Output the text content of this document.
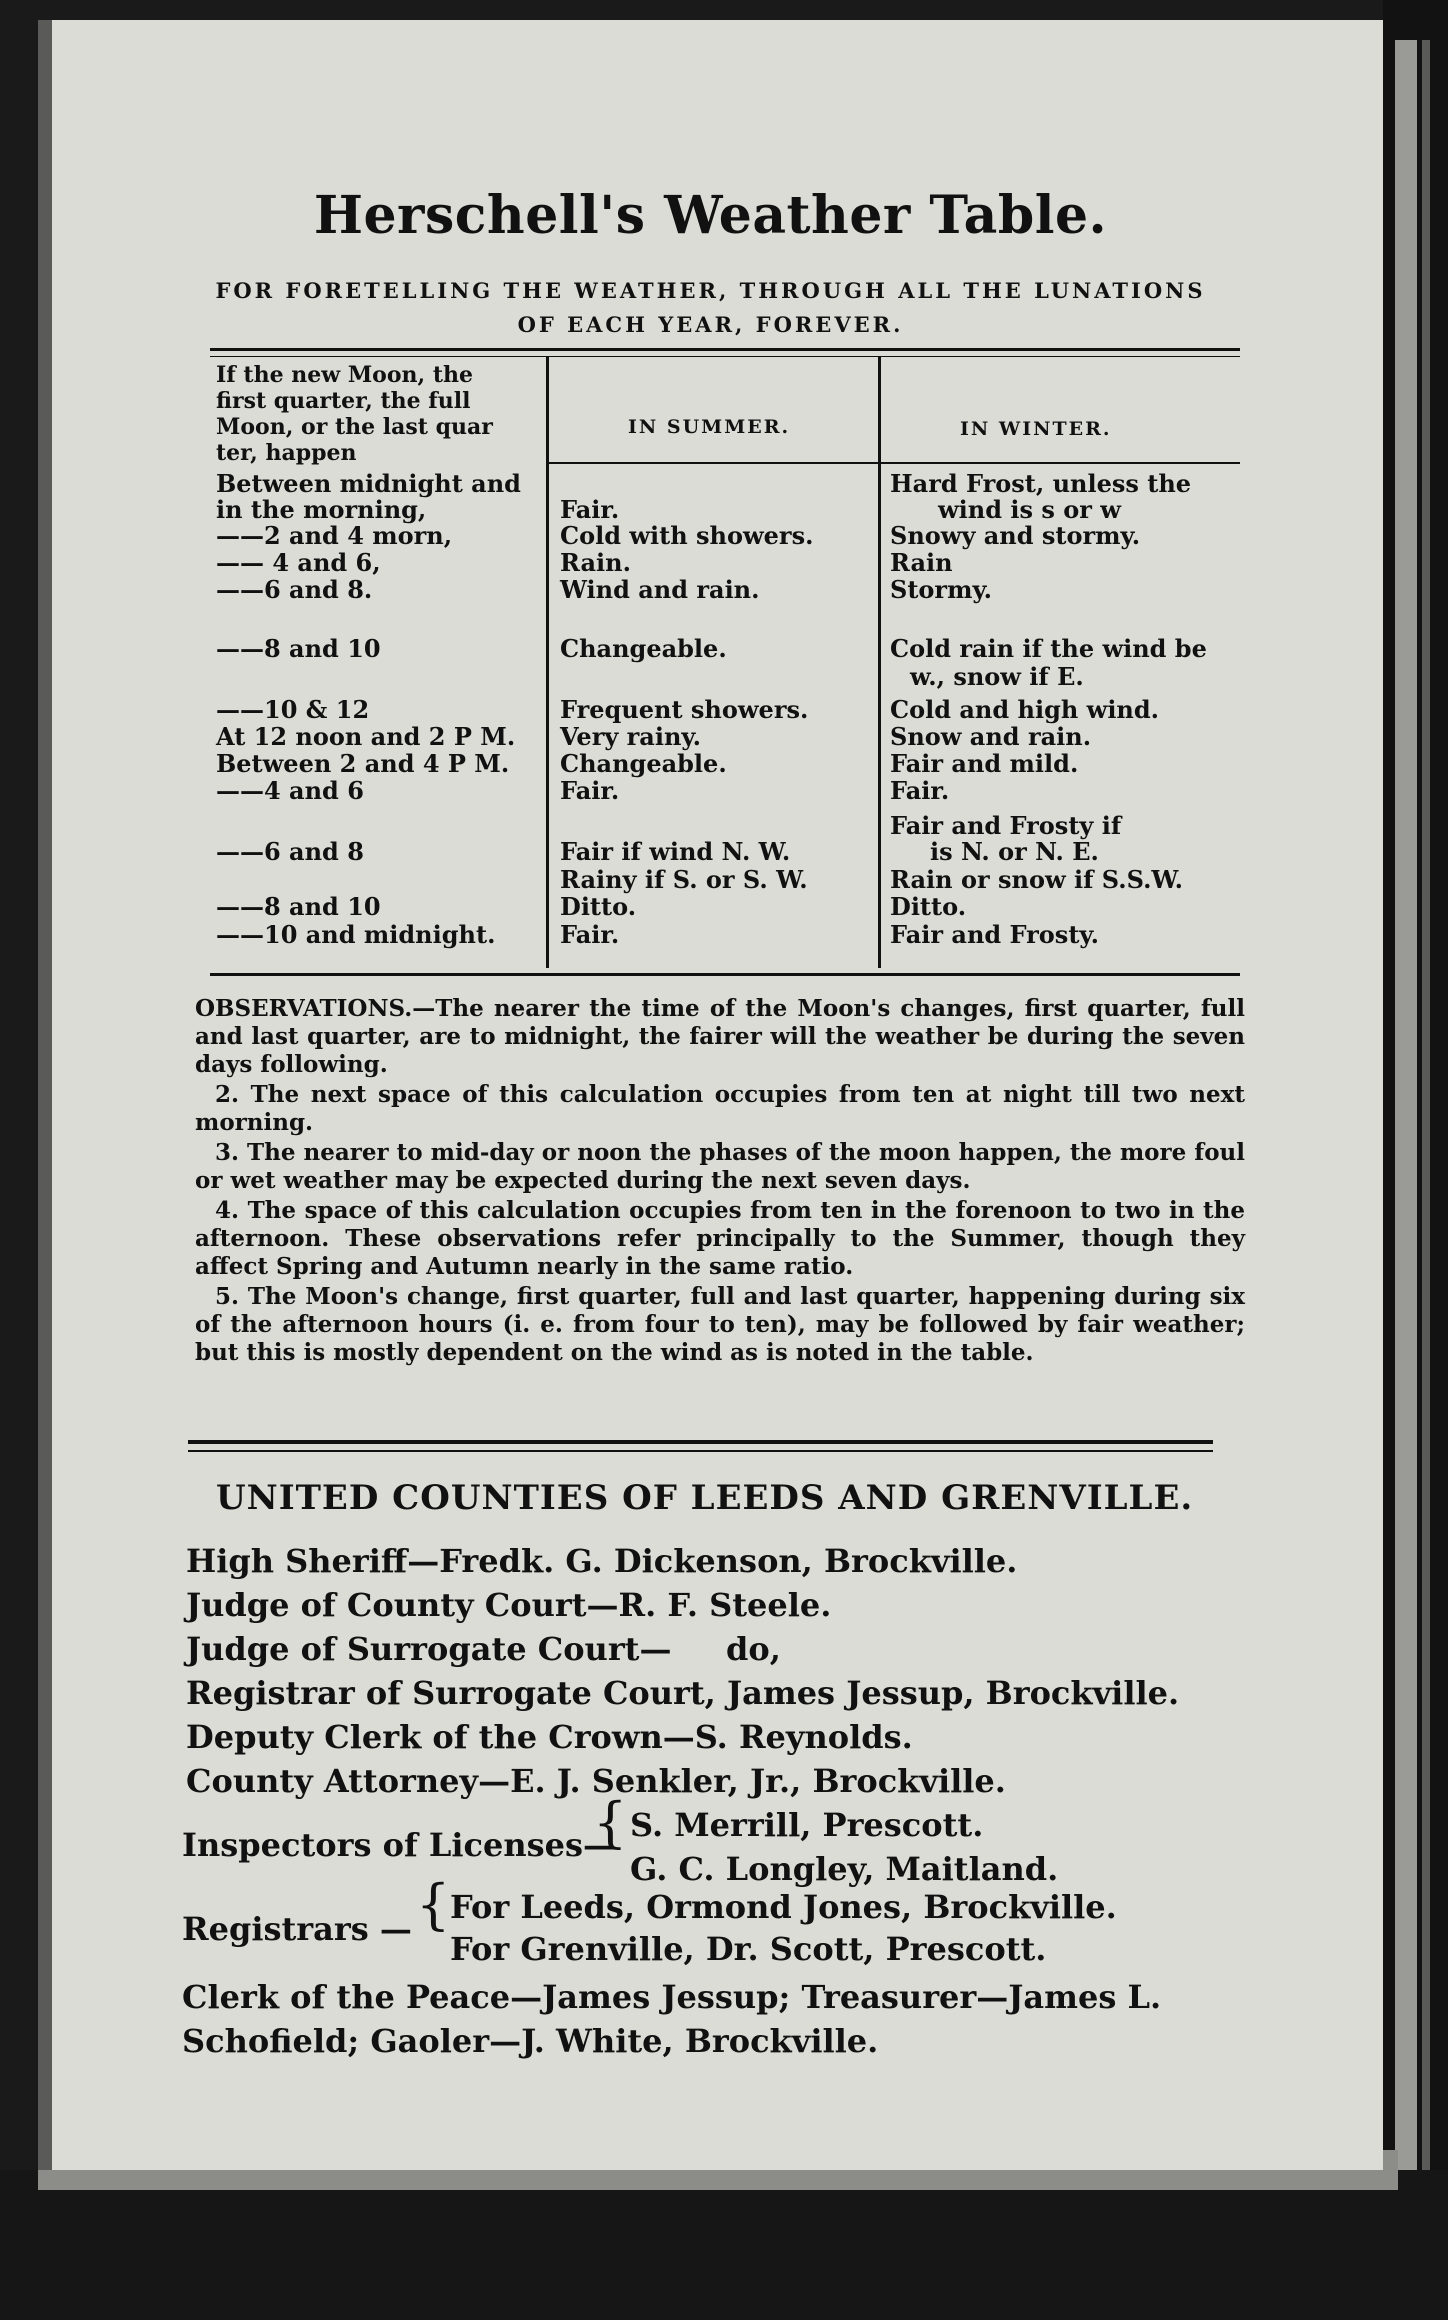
Herschell's Weather Table.
FOR FORETELLING THE WEATHER, THROUGH ALL THE LUNATIONS
OF EACH YEAR, FOREVER.
If the new Moon, the
first quarter, the full
Moon, or the last quar
ter, happen
IN SUMMER.	IN WINTER.
Between midnight and
in the morning,
——2 and 4 morn,
—— 4 and 6,
——6 and 8.
——8 and 10
——10 & 12
At 12 noon and 2 P M.
Between 2 and 4 P M.
——4 and 6
——6 and 8
——8 and 10
——10 and midnight.
Fair.
Cold with showers.
Rain.
Wind and rain.
Changeable.
Frequent showers.
Very rainy.
Changeable.
Fair.
Fair if wind N. W.
Rainy if S. or S. W.
Ditto.
Fair.
Hard Frost, unless the
wind is s or w
Snowy and stormy.
Rain
Stormy.
Cold rain if the wind be
w., snow if E.
Cold and high wind.
Snow and rain.
Fair and mild.
Fair.
Fair and Frosty if
is N. or N. E.
Rain or snow if S.S.W.
Ditto.
Fair and Frosty.

OBSERVATIONS.—The nearer the time of the Moon's changes, first quarter, full and last quarter, are to midnight, the fairer will the weather be during the seven days following.

2. The next space of this calculation occupies from ten at night till two next morning.

3. The nearer to mid-day or noon the phases of the moon happen, the more foul or wet weather may be expected during the next seven days.

4. The space of this calculation occupies from ten in the forenoon to two in the afternoon. These observations refer principally to the Summer, though they affect Spring and Autumn nearly in the same ratio.

5. The Moon's change, first quarter, full and last quarter, happening during six of the afternoon hours (i. e. from four to ten), may be followed by fair weather; but this is mostly dependent on the wind as is noted in the table.

UNITED COUNTIES OF LEEDS AND GRENVILLE.
High Sheriff—Fredk. G. Dickenson, Brockville.
Judge of County Court—R. F. Steele.
Judge of Surrogate Court— do,
Registrar of Surrogate Court, James Jessup, Brockville.
Deputy Clerk of the Crown—S. Reynolds.
County Attorney—E. J. Senkler, Jr., Brockville.
Inspectors of Licenses—
{ S. Merrill, Prescott.
G. C. Longley, Maitland.
Registrars — { For Leeds, Ormond Jones, Brockville.
For Grenville, Dr. Scott, Prescott.
Clerk of the Peace—James Jessup; Treasurer—James L.
Schofield; Gaoler—J. White, Brockville.
